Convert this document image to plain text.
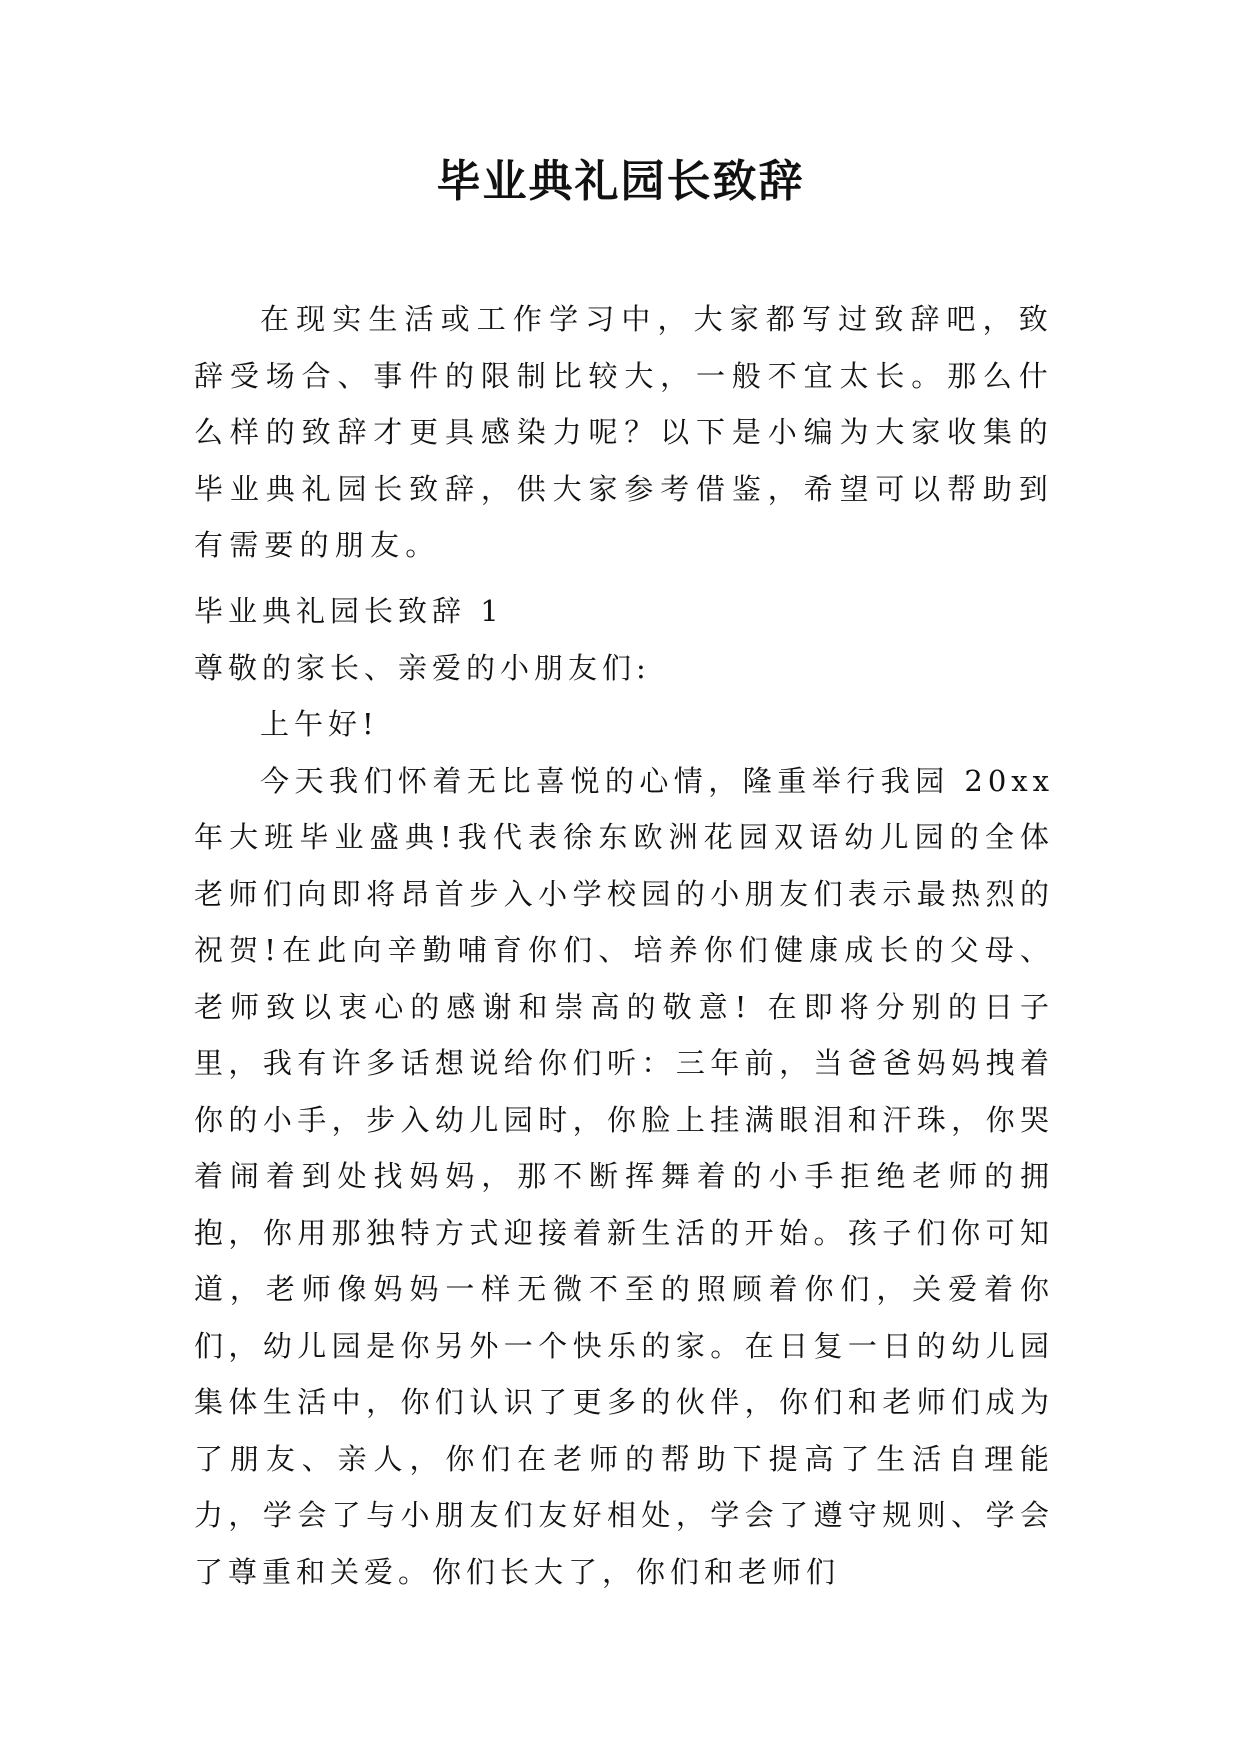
毕业典礼园长致辞

在现实生活或工作学习中，大家都写过致辞吧，致辞受场合、事件的限制比较大，一般不宜太长。那么什么样的致辞才更具感染力呢？以下是小编为大家收集的毕业典礼园长致辞，供大家参考借鉴，希望可以帮助到有需要的朋友。

毕业典礼园长致辞 1

尊敬的家长、亲爱的小朋友们:

上午好!

今天我们怀着无比喜悦的心情，隆重举行我园 20xx 年大班毕业盛典!我代表徐东欧洲花园双语幼儿园的全体老师们向即将昂首步入小学校园的小朋友们表示最热烈的祝贺!在此向辛勤哺育你们、培养你们健康成长的父母、老师致以衷心的感谢和崇高的敬意! 在即将分别的日子里，我有许多话想说给你们听：三年前，当爸爸妈妈拽着你的小手，步入幼儿园时，你脸上挂满眼泪和汗珠，你哭着闹着到处找妈妈，那不断挥舞着的小手拒绝老师的拥抱，你用那独特方式迎接着新生活的开始。孩子们你可知道，老师像妈妈一样无微不至的照顾着你们，关爱着你们，幼儿园是你另外一个快乐的家。在日复一日的幼儿园集体生活中，你们认识了更多的伙伴，你们和老师们成为了朋友、亲人，你们在老师的帮助下提高了生活自理能力，学会了与小朋友们友好相处，学会了遵守规则、学会了尊重和关爱。你们长大了，你们和老师们
